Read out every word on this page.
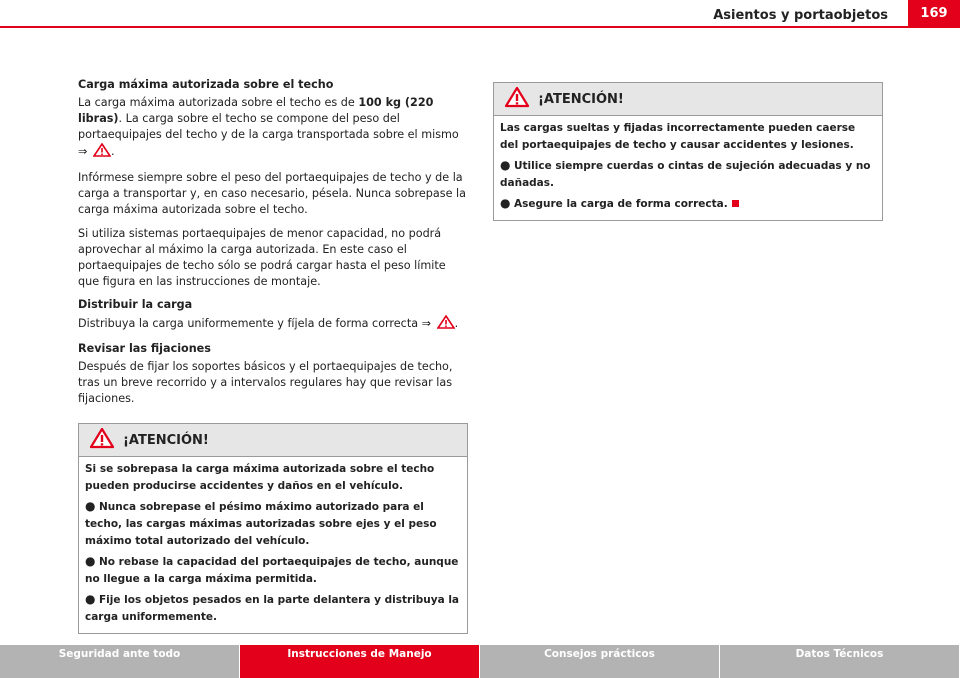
Asientos y portaobjetos	169
Carga máxima autorizada sobre el techo

La carga máxima autorizada sobre el techo es de 100 kg (220 libras). La carga sobre el techo se compone del peso del portaequipajes del techo y de la carga transportada sobre el mismo ⇒ .

Infórmese siempre sobre el peso del portaequipajes de techo y de la carga a transportar y, en caso necesario, pésela. Nunca sobrepase la carga máxima autorizada sobre el techo.

Si utiliza sistemas portaequipajes de menor capacidad, no podrá aprovechar al máximo la carga autorizada. En este caso el portaequipajes de techo sólo se podrá cargar hasta el peso límite que figura en las instrucciones de montaje.

Distribuir la carga

Distribuya la carga uniformemente y fíjela de forma correcta ⇒ .

Revisar las fijaciones

Después de fijar los soportes básicos y el portaequipajes de techo, tras un breve recorrido y a intervalos regulares hay que revisar las fijaciones.

¡ATENCIÓN!

Si se sobrepasa la carga máxima autorizada sobre el techo pueden producirse accidentes y daños en el vehículo.

● Nunca sobrepase el pésimo máximo autorizado para el techo, las cargas máximas autorizadas sobre ejes y el peso máximo total autorizado del vehículo.

● No rebase la capacidad del portaequipajes de techo, aunque no llegue a la carga máxima permitida.

● Fije los objetos pesados en la parte delantera y distribuya la carga uniformemente.

¡ATENCIÓN!

Las cargas sueltas y fijadas incorrectamente pueden caerse del portaequipajes de techo y causar accidentes y lesiones.

● Utilice siempre cuerdas o cintas de sujeción adecuadas y no dañadas.

● Asegure la carga de forma correcta.

Seguridad ante todo	Instrucciones de Manejo	Consejos prácticos	Datos Técnicos
